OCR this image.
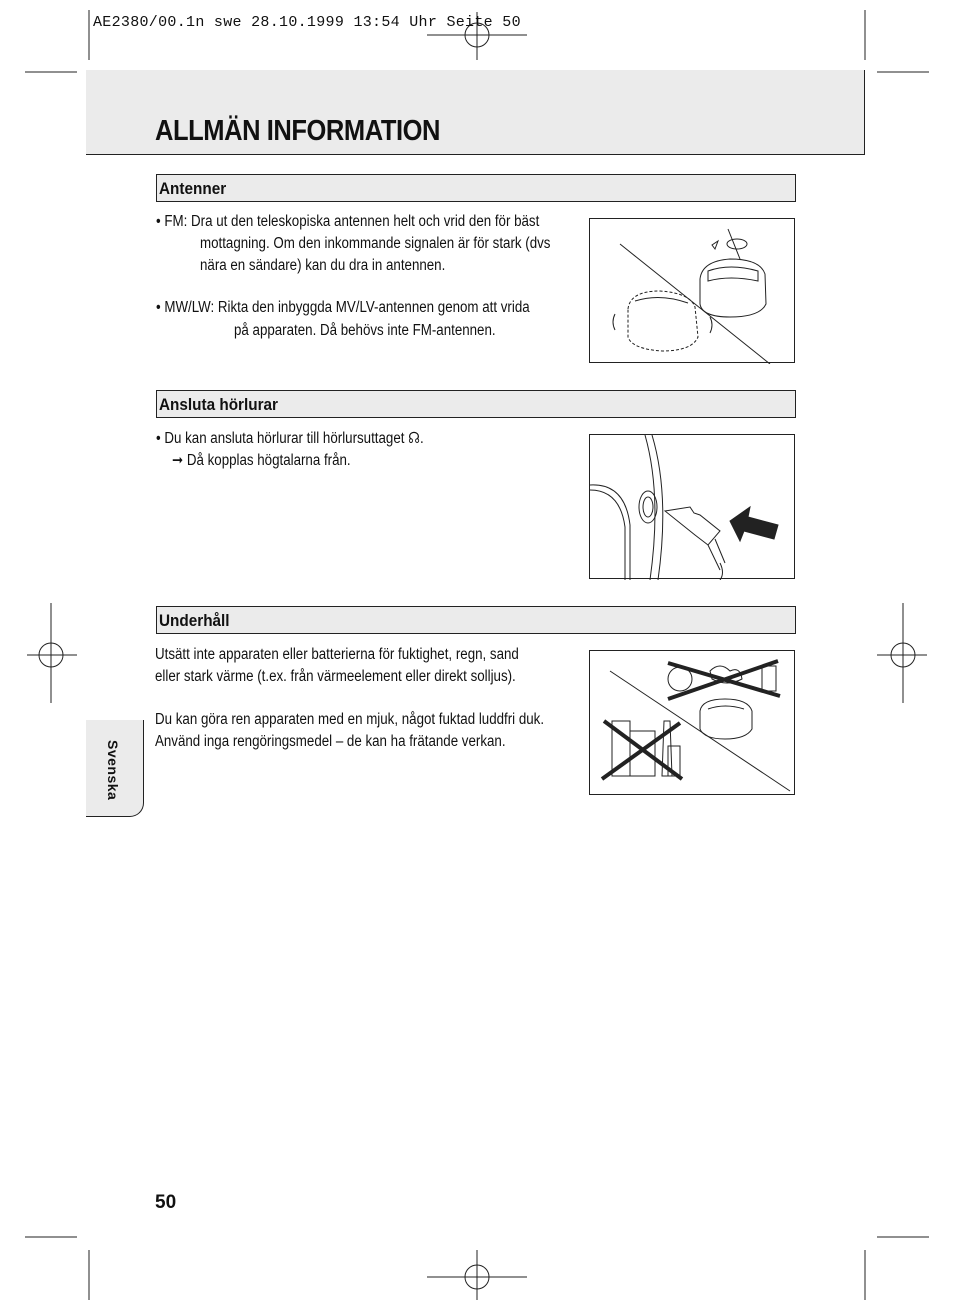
AE2380/00.1n swe 28.10.1999 13:54 Uhr Seite 50
ALLMÄN INFORMATION
Antenner
• FM: Dra ut den teleskopiska antennen helt och vrid den för bäst
mottagning. Om den inkommande signalen är för stark (dvs
nära en sändare) kan du dra in antennen.
• MW/LW: Rikta den inbyggda MV/LV-antennen genom att vrida
på apparaten. Då behövs inte FM-antennen.
Ansluta hörlurar
• Du kan ansluta hörlurar till hörlursuttaget ☊.
➞ Då kopplas högtalarna från.
Underhåll
Utsätt inte apparaten eller batterierna för fuktighet, regn, sand
eller stark värme (t.ex. från värmeelement eller direkt solljus).
Du kan göra ren apparaten med en mjuk, något fuktad luddfri duk.
Använd inga rengöringsmedel – de kan ha frätande verkan.
Svenska
50
